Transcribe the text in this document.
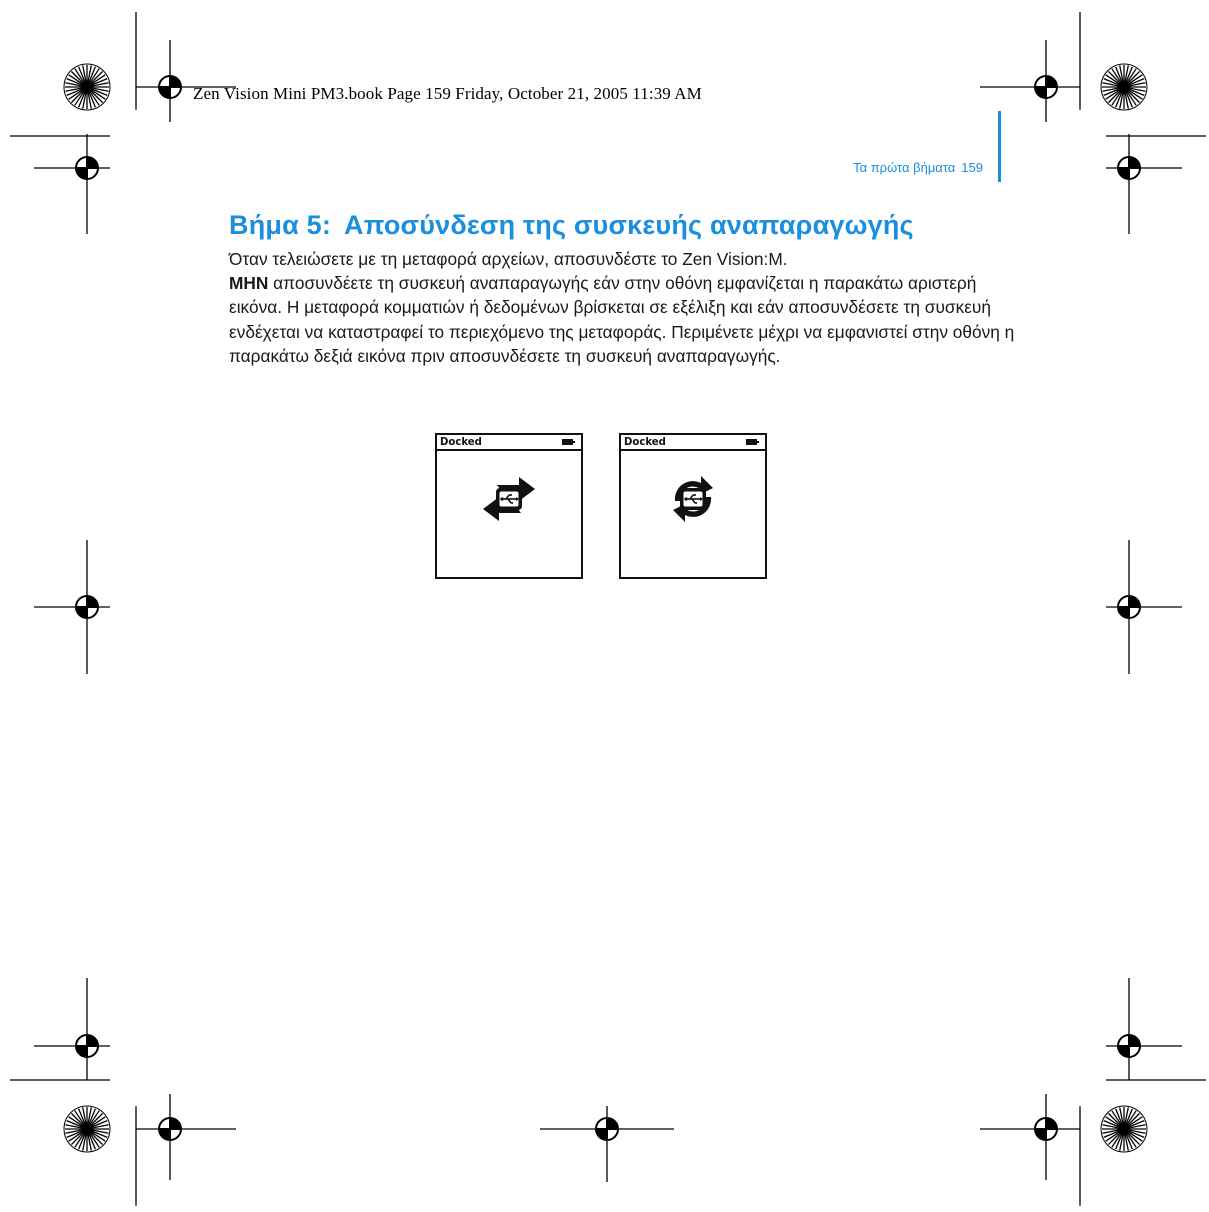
Zen Vision Mini PM3.book Page 159 Friday, October 21, 2005 11:39 AM
Τα πρώτα βήματα 159
Βήμα 5: Αποσύνδεση της συσκευής αναπαραγωγής

Όταν τελειώσετε με τη μεταφορά αρχείων, αποσυνδέστε το Zen Vision:M.

ΜΗΝ αποσυνδέετε τη συσκευή αναπαραγωγής εάν στην οθόνη εμφανίζεται η παρακάτω αριστερή εικόνα. Η μεταφορά κομματιών ή δεδομένων βρίσκεται σε εξέλιξη και εάν αποσυνδέσετε τη συσκευή ενδέχεται να καταστραφεί το περιεχόμενο της μεταφοράς. Περιμένετε μέχρι να εμφανιστεί στην οθόνη η παρακάτω δεξιά εικόνα πριν αποσυνδέσετε τη συσκευή αναπαραγωγής.

Docked	Docked
